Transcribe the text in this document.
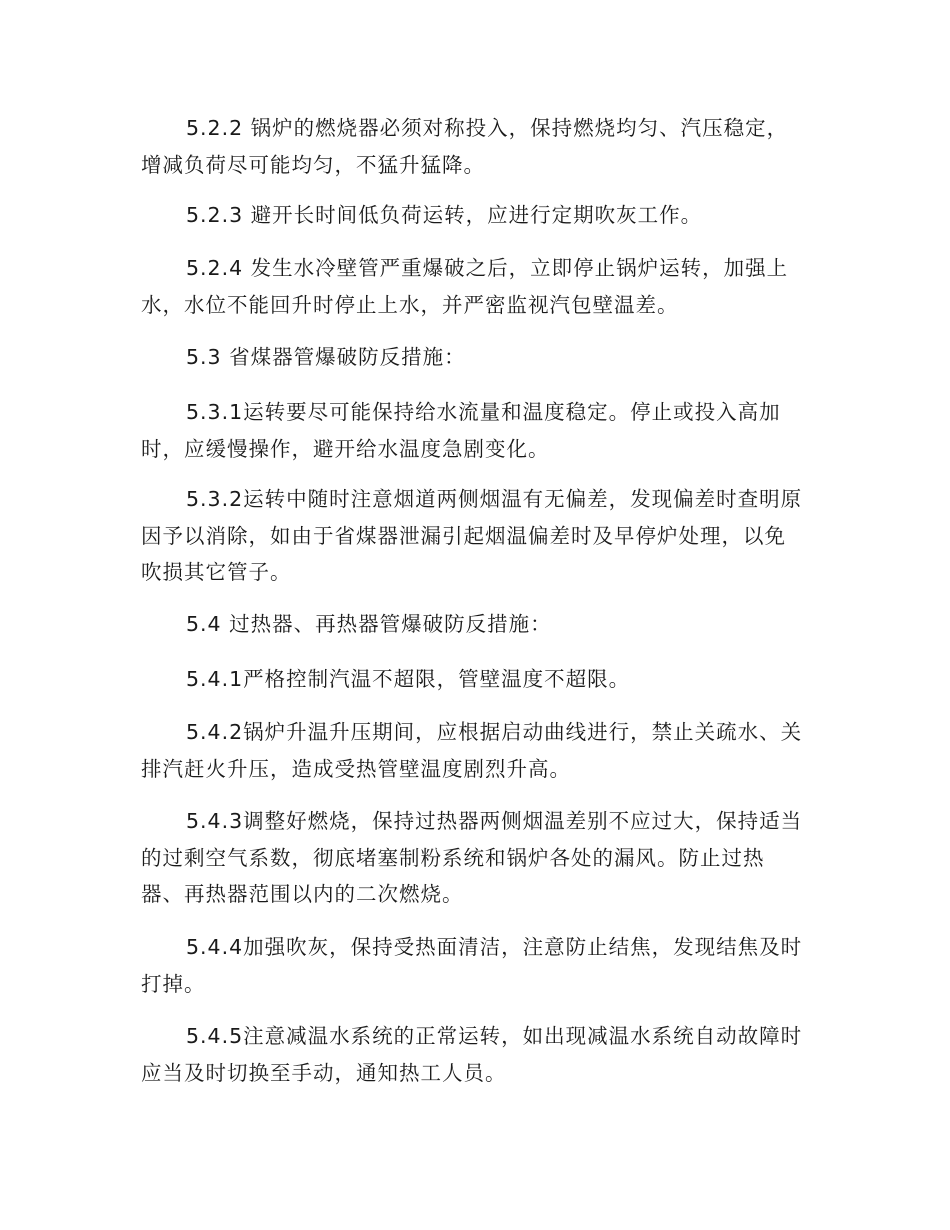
5.2.2 锅炉的燃烧器必须对称投入，保持燃烧均匀、汽压稳定，
增减负荷尽可能均匀，不猛升猛降。

5.2.3 避开长时间低负荷运转，应进行定期吹灰工作。

5.2.4 发生水冷壁管严重爆破之后，立即停止锅炉运转，加强上
水，水位不能回升时停止上水，并严密监视汽包壁温差。

5.3 省煤器管爆破防反措施：

5.3.1运转要尽可能保持给水流量和温度稳定。停止或投入高加
时，应缓慢操作，避开给水温度急剧变化。

5.3.2运转中随时注意烟道两侧烟温有无偏差，发现偏差时查明原
因予以消除，如由于省煤器泄漏引起烟温偏差时及早停炉处理，以免
吹损其它管子。

5.4 过热器、再热器管爆破防反措施：

5.4.1严格控制汽温不超限，管壁温度不超限。

5.4.2锅炉升温升压期间，应根据启动曲线进行，禁止关疏水、关
排汽赶火升压，造成受热管壁温度剧烈升高。

5.4.3调整好燃烧，保持过热器两侧烟温差别不应过大，保持适当
的过剩空气系数，彻底堵塞制粉系统和锅炉各处的漏风。防止过热
器、再热器范围以内的二次燃烧。

5.4.4加强吹灰，保持受热面清洁，注意防止结焦，发现结焦及时
打掉。

5.4.5注意减温水系统的正常运转，如出现减温水系统自动故障时
应当及时切换至手动，通知热工人员。
